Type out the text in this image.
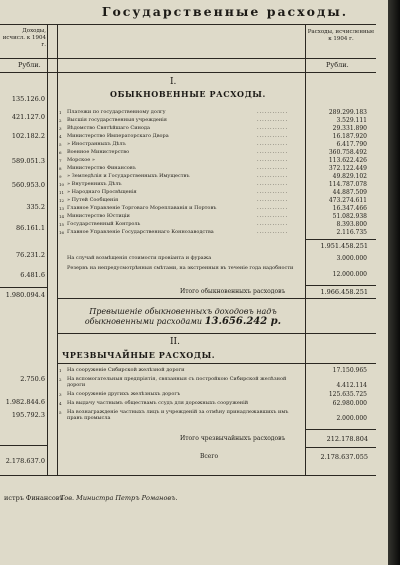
Государственные расходы.
Доходы, исчисл. к 1904 г.
Расходы, исчисленные к 1904 г.
Рубли.	Рубли.
I.
ОБЫКНОВЕННЫЕ РАСХОДЫ.
1 Платежи по государственному долгу	............	289.299.183
2 Высшія государственныя учрежденія	............	3.529.111
3 Вѣдомство Святѣйшаго Синода	............	29.331.890
4 Министерство Императорскаго Двора	............	16.187.920
5 » Иностранныхъ Дѣлъ	............	6.417.790
6 Военное Министерство	............	360.758.492
7 Морское »	............	113.622.426
8 Министерство Финансовъ	............	372.122.449
9 » Земледѣлія и Государственныхъ Имуществъ	............	49.829.102
10 » Внутреннихъ Дѣлъ	............	114.787.078
11 » Народнаго Просвѣщенія	............	44.887.509
12 » Путей Сообщенія	............	473.274.611
13 Главное Управленіе Торговаго Мореплаванія и Портовъ	............	16.347.466
14 Министерство Юстиціи	............	51.082.938
15 Государственный Контроль	............	8.393.800
16 Главное Управленіе Государственнаго Коннозаводства	............	2.116.735
1.951.458.251
На случай возмѣщенія стоимости провіанта и фуража	3.000.000
Резервъ на непредусмотрѣнныя смѣтами, на экстренныя въ теченіе года надобности
12.000.000
Итого обыкновенныхъ расходовъ	1.966.458.251
Превышеніе обыкновенныхъ доходовъ надъ обыкновенными расходами 13.656.242 р.
II.
ЧРЕЗВЫЧАЙНЫЕ РАСХОДЫ.
1 На сооруженіе Сибирской желѣзной дороги	17.150.965
2 На вспомогательныя предпріятія, связанныя съ постройкою Сибирской желѣзной дороги	4.412.114
3 На сооруженіе другихъ желѣзныхъ дорогъ	125.635.725
4 На выдачу частнымъ обществамъ ссудъ для дорожныхъ сооруженій	62.980.000
5 На вознагражденіе частныхъ лицъ и учрежденій за отмѣну принадлежавшихъ имъ правъ промысла	2.000.000
Итого чрезвычайныхъ расходовъ	212.178.804
Всего	2.178.637.055
135.126.0
421.127.0
102.182.2
589.051.3
560.953.0
335.2
86.161.1
76.231.2
6.481.6
1.980.094.4
2.750.6
1.982.844.6
195.792.3
2.178.637.0
истръ Финансовъ
Тов. Министра Петръ Романовъ.
